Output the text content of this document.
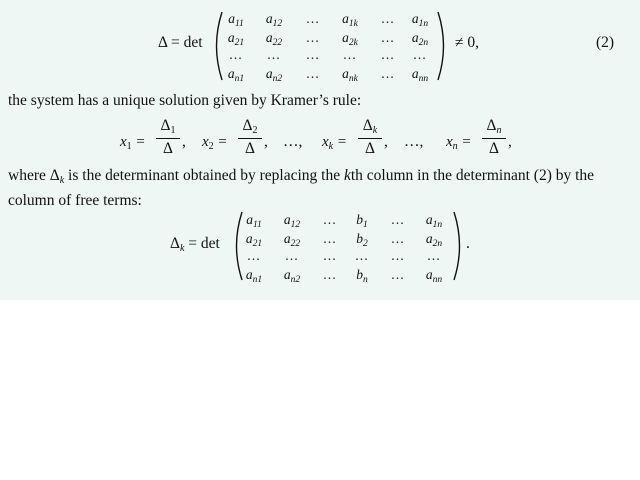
Δ = det
$a_{11}$ $a_{12}$ … $a_{1k}$ … $a_{1n}$
$a_{21}$ $a_{22}$ … $a_{2k}$ … $a_{2n}$
… … … … … …
$a_{n1}$ $a_{n2}$ … $a_{nk}$ … $a_{nn}$
≠ 0,	(2)
the system has a unique solution given by Kramer’s rule:
$x_1$ =
$\Delta_1$
Δ , $x_2$ =
$\Delta_2$
Δ , …, $x_k$ =
$\Delta_k$
Δ , …, $x_n$ =
$\Delta_n$
Δ ,
where $\Delta_k$ is the determinant obtained by replacing the kth column in the determinant (2) by the
column of free terms:
$\Delta_k = \det$
$a_{11}$ $a_{12}$ … $b_1$ … $a_{1n}$
$a_{21}$ $a_{22}$ … $b_2$ … $a_{2n}$
… … … … … …
$a_{n1}$ $a_{n2}$ … $b_n$ … $a_{nn}$
.
